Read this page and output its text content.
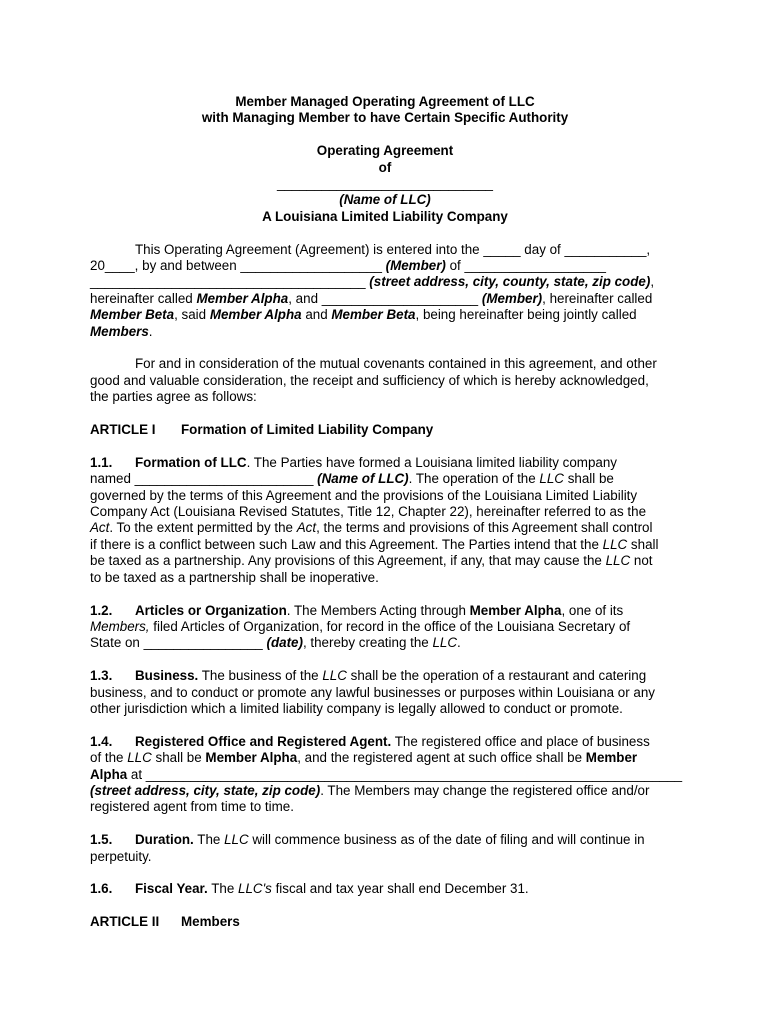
Member Managed Operating Agreement of LLC
with Managing Member to have Certain Specific Authority
Operating Agreement
of
_____________________________
(Name of LLC)
A Louisiana Limited Liability Company
This Operating Agreement (Agreement) is entered into the _____ day of ___________,
20____, by and between ___________________ (Member) of ___________________
_____________________________________ (street address, city, county, state, zip code),
hereinafter called Member Alpha, and _____________________ (Member), hereinafter called
Member Beta, said Member Alpha and Member Beta, being hereinafter being jointly called
Members.
For and in consideration of the mutual covenants contained in this agreement, and other
good and valuable consideration, the receipt and sufficiency of which is hereby acknowledged,
the parties agree as follows:
ARTICLE I Formation of Limited Liability Company
1.1. Formation of LLC. The Parties have formed a Louisiana limited liability company
named ________________________ (Name of LLC). The operation of the LLC shall be
governed by the terms of this Agreement and the provisions of the Louisiana Limited Liability
Company Act (Louisiana Revised Statutes, Title 12, Chapter 22), hereinafter referred to as the
Act. To the extent permitted by the Act, the terms and provisions of this Agreement shall control
if there is a conflict between such Law and this Agreement. The Parties intend that the LLC shall
be taxed as a partnership. Any provisions of this Agreement, if any, that may cause the LLC not
to be taxed as a partnership shall be inoperative.
1.2. Articles or Organization. The Members Acting through Member Alpha, one of its
Members, filed Articles of Organization, for record in the office of the Louisiana Secretary of
State on ________________ (date), thereby creating the LLC.
1.3. Business. The business of the LLC shall be the operation of a restaurant and catering
business, and to conduct or promote any lawful businesses or purposes within Louisiana or any
other jurisdiction which a limited liability company is legally allowed to conduct or promote.
1.4. Registered Office and Registered Agent. The registered office and place of business
of the LLC shall be Member Alpha, and the registered agent at such office shall be Member
Alpha at ________________________________________________________________________
(street address, city, state, zip code). The Members may change the registered office and/or
registered agent from time to time.
1.5. Duration. The LLC will commence business as of the date of filing and will continue in
perpetuity.
1.6. Fiscal Year. The LLC's fiscal and tax year shall end December 31.
ARTICLE II Members
